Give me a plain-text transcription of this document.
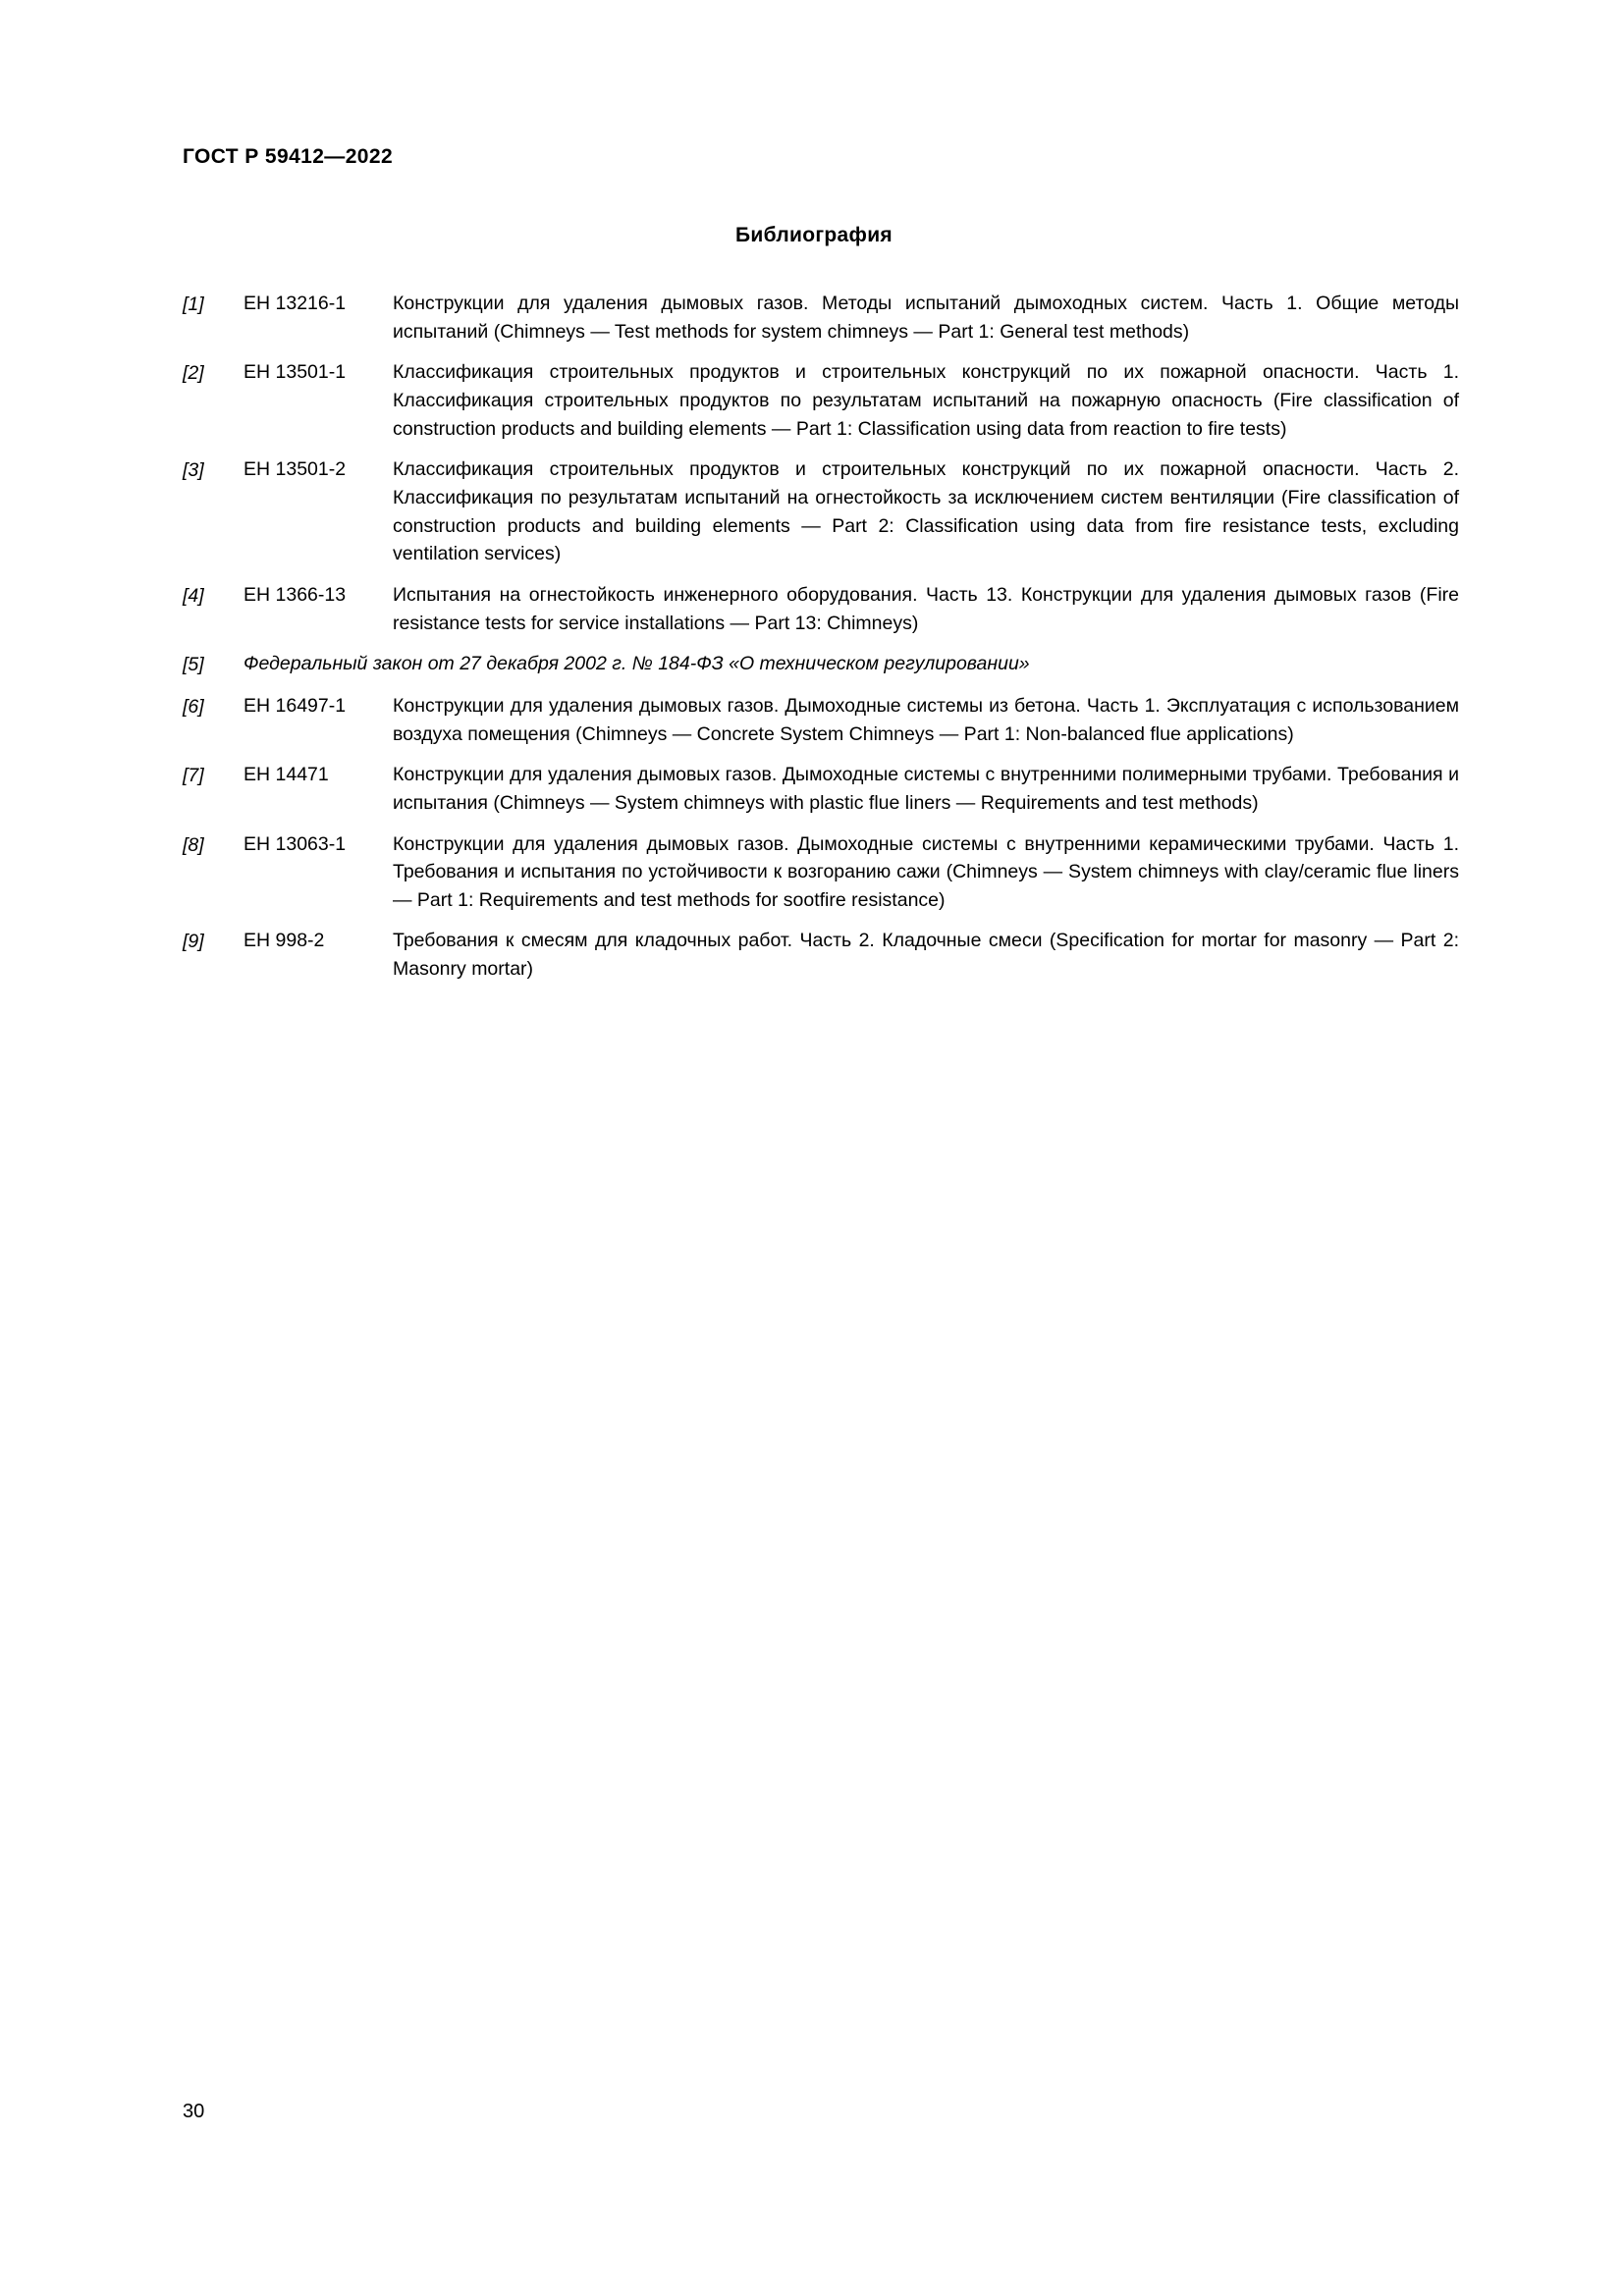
ГОСТ Р 59412—2022
Библиография
[1]	ЕН 13216-1	Конструкции для удаления дымовых газов. Методы испытаний дымоходных систем. Часть 1. Общие методы испытаний (Chimneys — Test methods for system chimneys — Part 1: General test methods)
[2]	ЕН 13501-1	Классификация строительных продуктов и строительных конструкций по их пожарной опасности. Часть 1. Классификация строительных продуктов по результатам испытаний на пожарную опасность (Fire classification of construction products and building elements — Part 1: Classification using data from reaction to fire tests)
[3]	ЕН 13501-2	Классификация строительных продуктов и строительных конструкций по их пожарной опасности. Часть 2. Классификация по результатам испытаний на огнестойкость за исключением систем вентиляции (Fire classification of construction products and building elements — Part 2: Classification using data from fire resistance tests, excluding ventilation services)
[4]	ЕН 1366-13	Испытания на огнестойкость инженерного оборудования. Часть 13. Конструкции для удаления дымовых газов (Fire resistance tests for service installations — Part 13: Chimneys)
[5]	Федеральный закон от 27 декабря 2002 г. № 184-ФЗ «О техническом регулировании»
[6]	ЕН 16497-1	Конструкции для удаления дымовых газов. Дымоходные системы из бетона. Часть 1. Эксплуатация с использованием воздуха помещения (Chimneys — Concrete System Chimneys — Part 1: Non-balanced flue applications)
[7]	ЕН 14471	Конструкции для удаления дымовых газов. Дымоходные системы с внутренними полимерными трубами. Требования и испытания (Chimneys — System chimneys with plastic flue liners — Requirements and test methods)
[8]	ЕН 13063-1	Конструкции для удаления дымовых газов. Дымоходные системы с внутренними керамическими трубами. Часть 1. Требования и испытания по устойчивости к возгоранию сажи (Chimneys — System chimneys with clay/ceramic flue liners — Part 1: Requirements and test methods for sootfire resistance)
[9]	ЕН 998-2	Требования к смесям для кладочных работ. Часть 2. Кладочные смеси (Specification for mortar for masonry — Part 2: Masonry mortar)
30
